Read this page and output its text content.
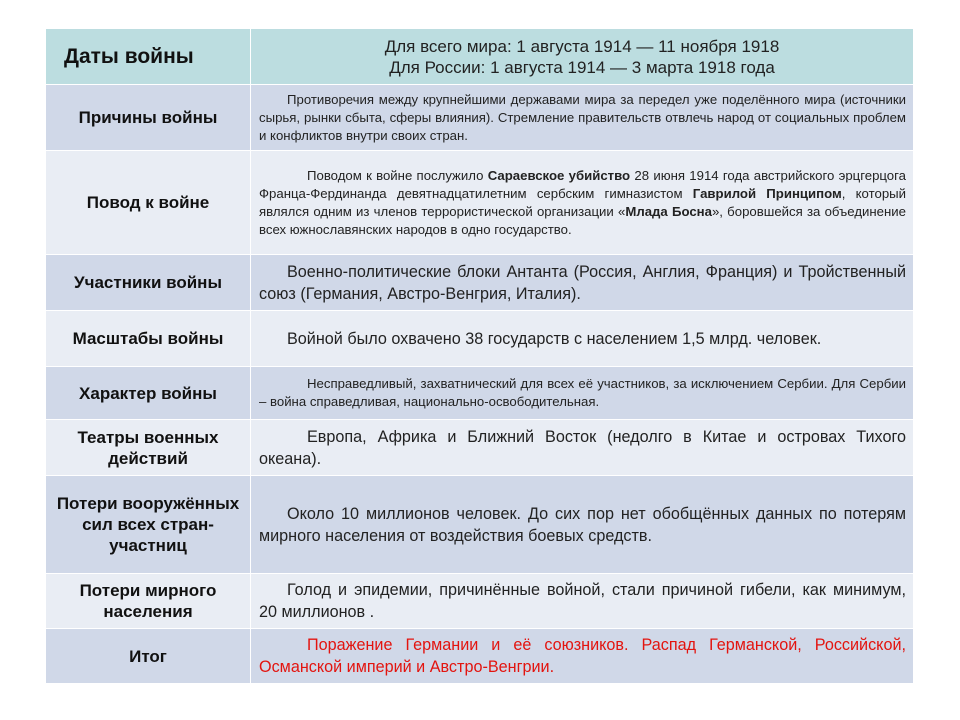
Даты войны	Для всего мира: 1 августа 1914 — 11 ноября 1918
Для России: 1 августа 1914 — 3 марта 1918 года

Причины войны	Противоречия между крупнейшими державами мира за передел уже поделённого мира (источники сырья, рынки сбыта, сферы влияния). Стремление правительств отвлечь народ от социальных проблем и конфликтов внутри своих стран.

Повод к войне	Поводом к войне послужило Сараевское убийство 28 июня 1914 года австрийского эрцгерцога Франца-Фердинанда девятнадцатилетним сербским гимназистом Гаврилой Принципом, который являлся одним из членов террористической организации «Млада Босна», боровшейся за объединение всех южнославянских народов в одно государство.

Участники войны	Военно-политические блоки Антанта (Россия, Англия, Франция) и Тройственный союз (Германия, Австро-Венгрия, Италия).

Масштабы войны	Войной было охвачено 38 государств с населением 1,5 млрд. человек.

Характер войны	Несправедливый, захватнический для всех её участников, за исключением Сербии. Для Сербии – война справедливая, национально-освободительная.

Театры военных действий	Европа, Африка и Ближний Восток (недолго в Китае и островах Тихого океана).

Потери вооружённых сил всех стран-участниц	Около 10 миллионов человек. До сих пор нет обобщённых данных по потерям мирного населения от воздействия боевых средств.

Потери мирного населения	Голод и эпидемии, причинённые войной, стали причиной гибели, как минимум, 20 миллионов .

Итог	Поражение Германии и её союзников. Распад Германской, Российской, Османской империй и Австро-Венгрии.
